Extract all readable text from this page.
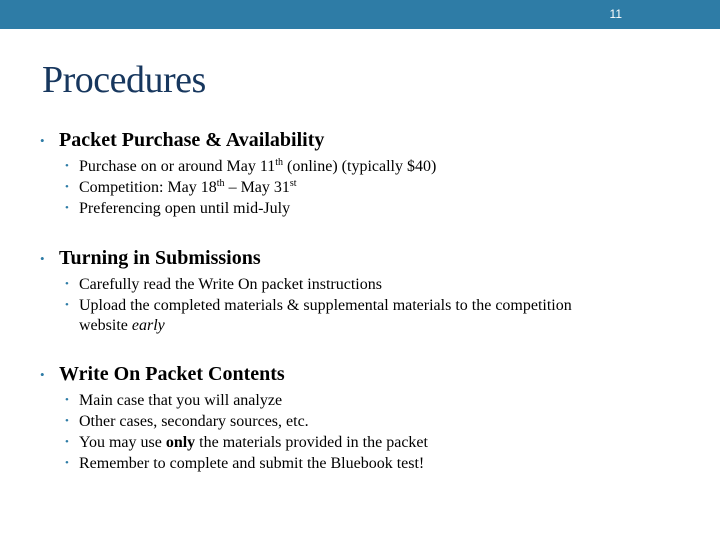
11
Procedures
• Packet Purchase & Availability
• Purchase on or around May 11th (online) (typically $40)
• Competition: May 18th – May 31st
• Preferencing open until mid-July
• Turning in Submissions
• Carefully read the Write On packet instructions
• Upload the completed materials & supplemental materials to the competition
website early
• Write On Packet Contents
• Main case that you will analyze
• Other cases, secondary sources, etc.
• You may use only the materials provided in the packet
• Remember to complete and submit the Bluebook test!
